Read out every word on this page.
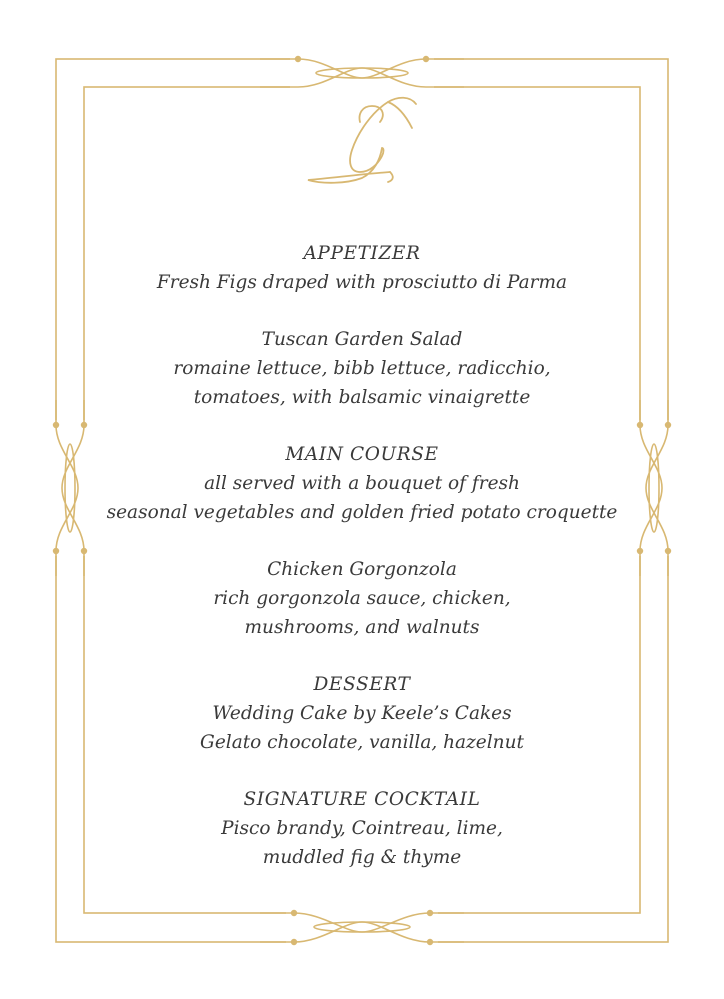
APPETIZER
Fresh Figs draped with prosciutto di Parma
Tuscan Garden Salad
romaine lettuce, bibb lettuce, radicchio,
tomatoes, with balsamic vinaigrette
MAIN COURSE
all served with a bouquet of fresh
seasonal vegetables and golden fried potato croquette
Chicken Gorgonzola
rich gorgonzola sauce, chicken,
mushrooms, and walnuts
DESSERT
Wedding Cake by Keele’s Cakes
Gelato chocolate, vanilla, hazelnut
SIGNATURE COCKTAIL
Pisco brandy, Cointreau, lime,
muddled fig & thyme
